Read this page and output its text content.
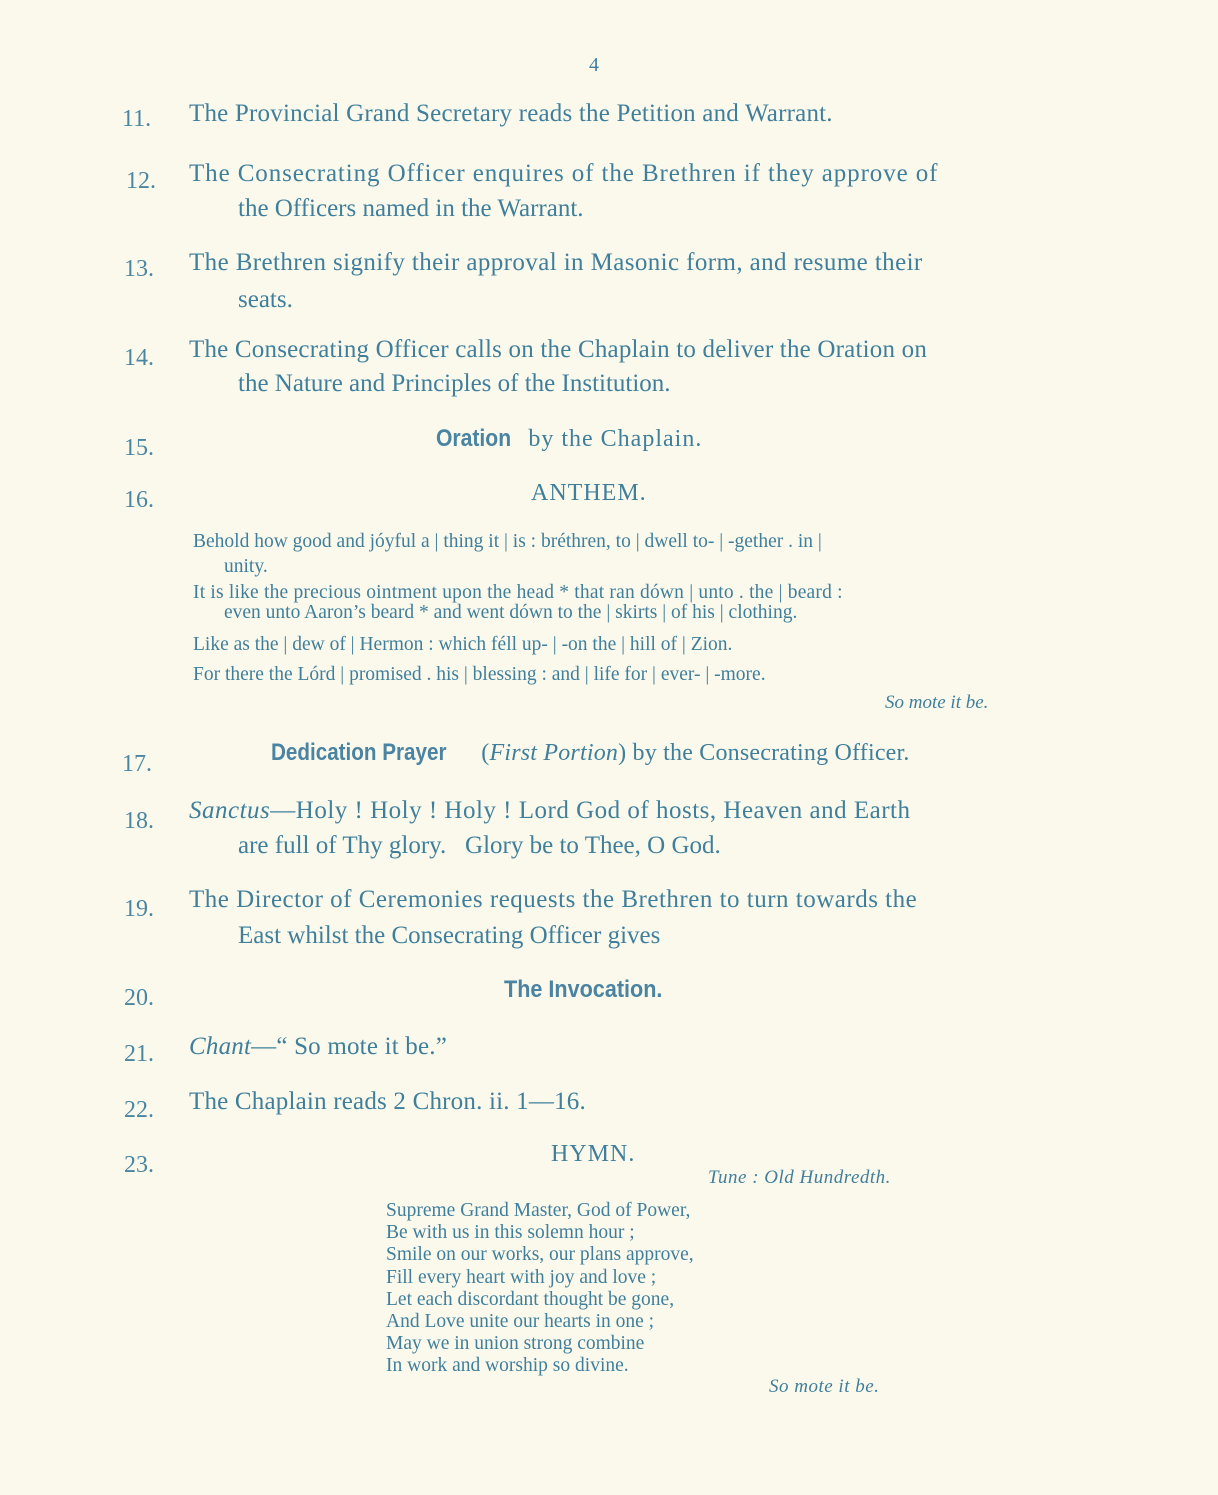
4
11. The Provincial Grand Secretary reads the Petition and Warrant.
12. The Consecrating Officer enquires of the Brethren if they approve of
the Officers named in the Warrant.
13. The Brethren signify their approval in Masonic form, and resume their
seats.
14. The Consecrating Officer calls on the Chaplain to deliver the Oration on
the Nature and Principles of the Institution.
15.	Oration by the Chaplain.
16.	ANTHEM.
Behold how good and jóyful a | thing it | is : bréthren, to | dwell to- | -gether . in |
unity.
It is like the precious ointment upon the head * that ran dówn | unto . the | beard :
even unto Aaron’s beard * and went dówn to the | skirts | of his | clothing.
Like as the | dew of | Hermon : which féll up- | -on the | hill of | Zion.
For there the Lórd | promised . his | blessing : and | life for | ever- | -more.
So mote it be.
17.	Dedication Prayer (First Portion) by the Consecrating Officer.
18. Sanctus—Holy ! Holy ! Holy ! Lord God of hosts, Heaven and Earth
are full of Thy glory.   Glory be to Thee, O God.
19. The Director of Ceremonies requests the Brethren to turn towards the
East whilst the Consecrating Officer gives
20.	The Invocation.
21. Chant—“ So mote it be.”
22. The Chaplain reads 2 Chron. ii. 1—16.
23.	HYMN.
Tune : Old Hundredth.
Supreme Grand Master, God of Power,
Be with us in this solemn hour ;
Smile on our works, our plans approve,
Fill every heart with joy and love ;
Let each discordant thought be gone,
And Love unite our hearts in one ;
May we in union strong combine
In work and worship so divine.
So mote it be.
